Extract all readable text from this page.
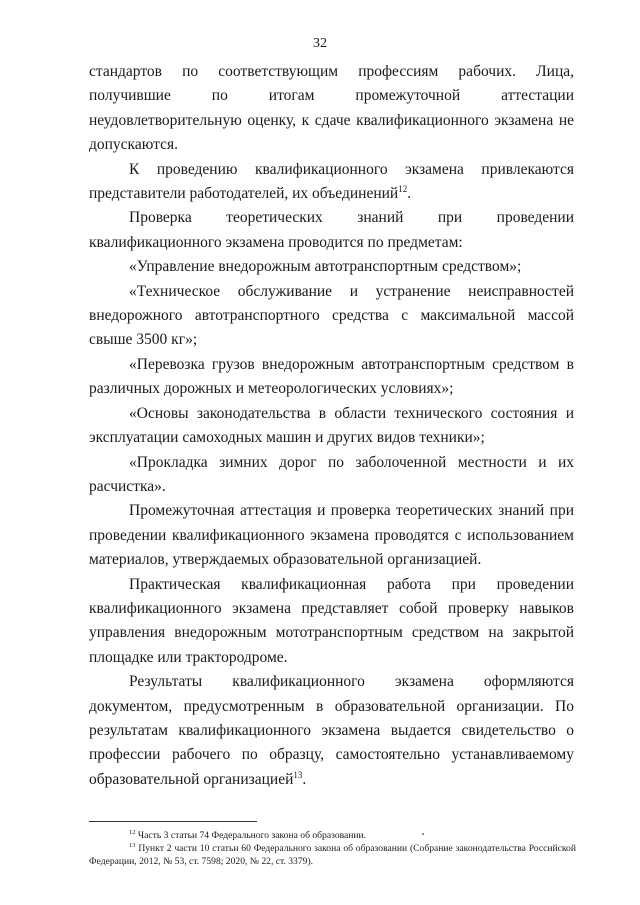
32

стандартов по соответствующим профессиям рабочих. Лица, получившие по итогам промежуточной аттестации неудовлетворительную оценку, к сдаче квалификационного экзамена не допускаются.

К проведению квалификационного экзамена привлекаются представители работодателей, их объединений$^{12}$.

Проверка теоретических знаний при проведении квалификационного экзамена проводится по предметам:

«Управление внедорожным автотранспортным средством»;

«Техническое обслуживание и устранение неисправностей внедорожного автотранспортного средства с максимальной массой свыше 3500 кг»;

«Перевозка грузов внедорожным автотранспортным средством в различных дорожных и метеорологических условиях»;

«Основы законодательства в области технического состояния и эксплуатации самоходных машин и других видов техники»;

«Прокладка зимних дорог по заболоченной местности и их расчистка».

Промежуточная аттестация и проверка теоретических знаний при проведении квалификационного экзамена проводятся с использованием материалов, утверждаемых образовательной организацией.

Практическая квалификационная работа при проведении квалификационного экзамена представляет собой проверку навыков управления внедорожным мототранспортным средством на закрытой площадке или трактородроме.

Результаты квалификационного экзамена оформляются документом, предусмотренным в образовательной организации. По результатам квалификационного экзамена выдается свидетельство о профессии рабочего по образцу, самостоятельно устанавливаемому образовательной организацией$^{13}$.

$^{12}$ Часть 3 статьи 74 Федерального закона об образовании.

$^{13}$ Пункт 2 части 10 статьи 60 Федерального закона об образовании (Собрание законодательства Российской Федерации, 2012, № 53, ст. 7598; 2020, № 22, ст. 3379).
